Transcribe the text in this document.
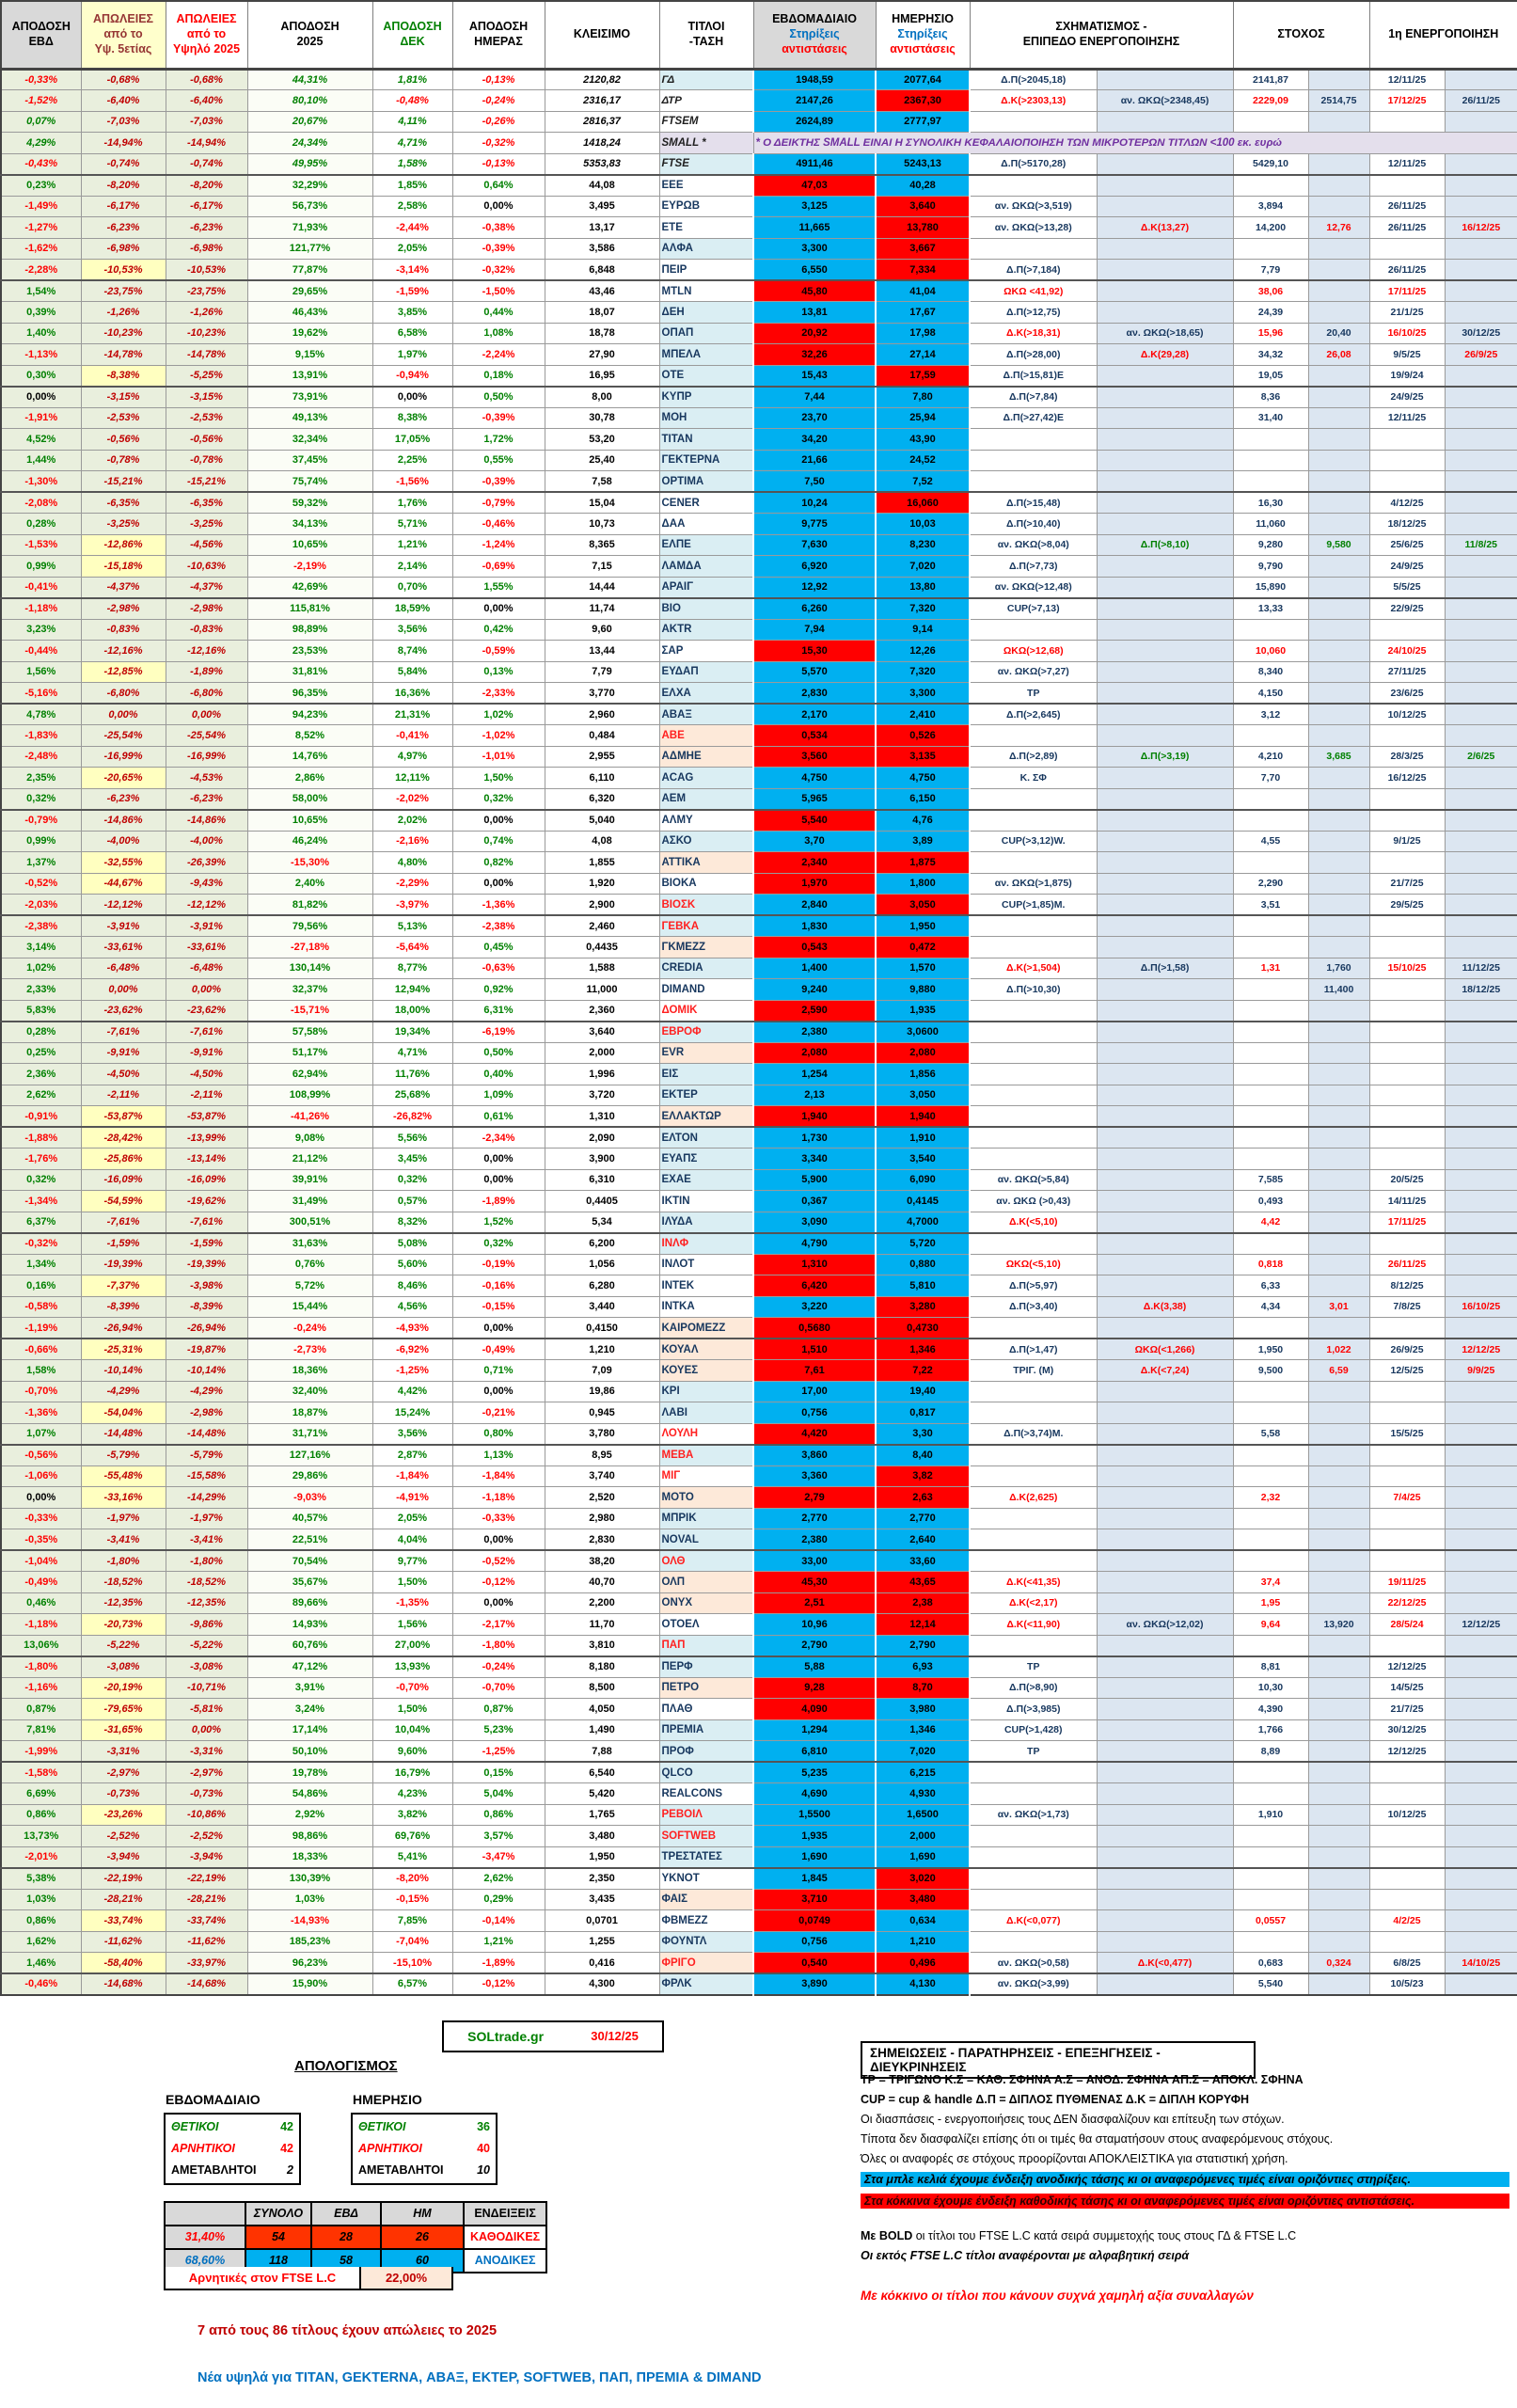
ΑΠΟΔΟΣΗ
ΕΒΔ	ΑΠΩΛΕΙΕΣ
από το
Υψ. 5ετίας	ΑΠΩΛΕΙΕΣ
από το
Υψηλό 2025	ΑΠΟΔΟΣΗ
2025	ΑΠΟΔΟΣΗ
ΔΕΚ	ΑΠΟΔΟΣΗ
ΗΜΕΡΑΣ	ΚΛΕΙΣΙΜΟ	ΤΙΤΛΟΙ
-ΤΑΣΗ	ΕΒΔΟΜΑΔΙΑΙΟ
Στηρίξεις
αντιστάσεις	ΗΜΕΡΗΣΙΟ
Στηρίξεις
αντιστάσεις	ΣΧΗΜΑΤΙΣΜΟΣ -
ΕΠΙΠΕΔΟ ΕΝΕΡΓΟΠΟΙΗΣΗΣ		ΣΤΟΧΟΣ		1η ΕΝΕΡΓΟΠΟΙΗΣΗ	
-0,33%	-0,68%	-0,68%	44,31%	1,81%	-0,13%	2120,82	ΓΔ	1948,59	2077,64	Δ.Π(>2045,18)		2141,87		12/11/25	
-1,52%	-6,40%	-6,40%	80,10%	-0,48%	-0,24%	2316,17	ΔΤΡ	2147,26	2367,30	Δ.Κ(>2303,13)	αν. ΩΚΩ(>2348,45)	2229,09	2514,75	17/12/25	26/11/25
0,07%	-7,03%	-7,03%	20,67%	4,11%	-0,26%	2816,37	FTSEM	2624,89	2777,97						
4,29%	-14,94%	-14,94%	24,34%	4,71%	-0,32%	1418,24	SMALL *	* Ο ΔΕΙΚΤΗΣ SMALL ΕΙΝΑΙ Η ΣΥΝΟΛΙΚΗ ΚΕΦΑΛΑΙΟΠΟΙΗΣΗ ΤΩΝ ΜΙΚΡΟΤΕΡΩΝ ΤΙΤΛΩΝ <100 εκ. ευρώ							
-0,43%	-0,74%	-0,74%	49,95%	1,58%	-0,13%	5353,83	FTSE	4911,46	5243,13	Δ.Π(>5170,28)		5429,10		12/11/25	
0,23%	-8,20%	-8,20%	32,29%	1,85%	0,64%	44,08	ΕΕΕ	47,03	40,28						
-1,49%	-6,17%	-6,17%	56,73%	2,58%	0,00%	3,495	ΕΥΡΩΒ	3,125	3,640	αν. ΩΚΩ(>3,519)		3,894		26/11/25	
-1,27%	-6,23%	-6,23%	71,93%	-2,44%	-0,38%	13,17	ΕΤΕ	11,665	13,780	αν. ΩΚΩ(>13,28)	Δ.Κ(13,27)	14,200	12,76	26/11/25	16/12/25
-1,62%	-6,98%	-6,98%	121,77%	2,05%	-0,39%	3,586	ΑΛΦΑ	3,300	3,667						
-2,28%	-10,53%	-10,53%	77,87%	-3,14%	-0,32%	6,848	ΠΕΙΡ	6,550	7,334	Δ.Π(>7,184)		7,79		26/11/25	
1,54%	-23,75%	-23,75%	29,65%	-1,59%	-1,50%	43,46	MTLN	45,80	41,04	ΩΚΩ <41,92)		38,06		17/11/25	
0,39%	-1,26%	-1,26%	46,43%	3,85%	0,44%	18,07	ΔΕΗ	13,81	17,67	Δ.Π(>12,75)		24,39		21/1/25	
1,40%	-10,23%	-10,23%	19,62%	6,58%	1,08%	18,78	ΟΠΑΠ	20,92	17,98	Δ.Κ(>18,31)	αν. ΩΚΩ(>18,65)	15,96	20,40	16/10/25	30/12/25
-1,13%	-14,78%	-14,78%	9,15%	1,97%	-2,24%	27,90	ΜΠΕΛΑ	32,26	27,14	Δ.Π(>28,00)	Δ.Κ(29,28)	34,32	26,08	9/5/25	26/9/25
0,30%	-8,38%	-5,25%	13,91%	-0,94%	0,18%	16,95	ΟΤΕ	15,43	17,59	Δ.Π(>15,81)Ε		19,05		19/9/24	
0,00%	-3,15%	-3,15%	73,91%	0,00%	0,50%	8,00	ΚΥΠΡ	7,44	7,80	Δ.Π(>7,84)		8,36		24/9/25	
-1,91%	-2,53%	-2,53%	49,13%	8,38%	-0,39%	30,78	ΜΟΗ	23,70	25,94	Δ.Π(>27,42)Ε		31,40		12/11/25	
4,52%	-0,56%	-0,56%	32,34%	17,05%	1,72%	53,20	ΤΙΤΑΝ	34,20	43,90						
1,44%	-0,78%	-0,78%	37,45%	2,25%	0,55%	25,40	ΓΕΚΤΕΡΝΑ	21,66	24,52						
-1,30%	-15,21%	-15,21%	75,74%	-1,56%	-0,39%	7,58	OPTIMA	7,50	7,52						
-2,08%	-6,35%	-6,35%	59,32%	1,76%	-0,79%	15,04	CENER	10,24	16,060	Δ.Π(>15,48)		16,30		4/12/25	
0,28%	-3,25%	-3,25%	34,13%	5,71%	-0,46%	10,73	ΔΑΑ	9,775	10,03	Δ.Π(>10,40)		11,060		18/12/25	
-1,53%	-12,86%	-4,56%	10,65%	1,21%	-1,24%	8,365	ΕΛΠΕ	7,630	8,230	αν. ΩΚΩ(>8,04)	Δ.Π(>8,10)	9,280	9,580	25/6/25	11/8/25
0,99%	-15,18%	-10,63%	-2,19%	2,14%	-0,69%	7,15	ΛΑΜΔΑ	6,920	7,020	Δ.Π(>7,73)		9,790		24/9/25	
-0,41%	-4,37%	-4,37%	42,69%	0,70%	1,55%	14,44	ΑΡΑΙΓ	12,92	13,80	αν. ΩΚΩ(>12,48)		15,890		5/5/25	
-1,18%	-2,98%	-2,98%	115,81%	18,59%	0,00%	11,74	ΒΙΟ	6,260	7,320	CUP(>7,13)		13,33		22/9/25	
3,23%	-0,83%	-0,83%	98,89%	3,56%	0,42%	9,60	AKTR	7,94	9,14						
-0,44%	-12,16%	-12,16%	23,53%	8,74%	-0,59%	13,44	ΣΑΡ	15,30	12,26	ΩΚΩ(>12,68)		10,060		24/10/25	
1,56%	-12,85%	-1,89%	31,81%	5,84%	0,13%	7,79	ΕΥΔΑΠ	5,570	7,320	αν. ΩΚΩ(>7,27)		8,340		27/11/25	
-5,16%	-6,80%	-6,80%	96,35%	16,36%	-2,33%	3,770	ΕΛΧΑ	2,830	3,300	ΤΡ		4,150		23/6/25	
4,78%	0,00%	0,00%	94,23%	21,31%	1,02%	2,960	ΑΒΑΞ	2,170	2,410	Δ.Π(>2,645)		3,12		10/12/25	
-1,83%	-25,54%	-25,54%	8,52%	-0,41%	-1,02%	0,484	ΑΒΕ	0,534	0,526						
-2,48%	-16,99%	-16,99%	14,76%	4,97%	-1,01%	2,955	ΑΔΜΗΕ	3,560	3,135	Δ.Π(>2,89)	Δ.Π(>3,19)	4,210	3,685	28/3/25	2/6/25
2,35%	-20,65%	-4,53%	2,86%	12,11%	1,50%	6,110	ACAG	4,750	4,750	Κ. ΣΦ		7,70		16/12/25	
0,32%	-6,23%	-6,23%	58,00%	-2,02%	0,32%	6,320	ΑΕΜ	5,965	6,150						
-0,79%	-14,86%	-14,86%	10,65%	2,02%	0,00%	5,040	ΑΛΜΥ	5,540	4,76						
0,99%	-4,00%	-4,00%	46,24%	-2,16%	0,74%	4,08	ΑΣΚΟ	3,70	3,89	CUP(>3,12)W.		4,55		9/1/25	
1,37%	-32,55%	-26,39%	-15,30%	4,80%	0,82%	1,855	ΑΤΤΙΚΑ	2,340	1,875						
-0,52%	-44,67%	-9,43%	2,40%	-2,29%	0,00%	1,920	ΒΙΟΚΑ	1,970	1,800	αν. ΩΚΩ(>1,875)		2,290		21/7/25	
-2,03%	-12,12%	-12,12%	81,82%	-3,97%	-1,36%	2,900	ΒΙΟΣΚ	2,840	3,050	CUP(>1,85)Μ.		3,51		29/5/25	
-2,38%	-3,91%	-3,91%	79,56%	5,13%	-2,38%	2,460	ΓΕΒΚΑ	1,830	1,950						
3,14%	-33,61%	-33,61%	-27,18%	-5,64%	0,45%	0,4435	ΓΚΜΕΖΖ	0,543	0,472						
1,02%	-6,48%	-6,48%	130,14%	8,77%	-0,63%	1,588	CREDIA	1,400	1,570	Δ.Κ(>1,504)	Δ.Π(>1,58)	1,31	1,760	15/10/25	11/12/25
2,33%	0,00%	0,00%	32,37%	12,94%	0,92%	11,000	DIMAND	9,240	9,880	Δ.Π(>10,30)			11,400		18/12/25
5,83%	-23,62%	-23,62%	-15,71%	18,00%	6,31%	2,360	ΔΟΜΙΚ	2,590	1,935						
0,28%	-7,61%	-7,61%	57,58%	19,34%	-6,19%	3,640	ΕΒΡΟΦ	2,380	3,0600						
0,25%	-9,91%	-9,91%	51,17%	4,71%	0,50%	2,000	EVR	2,080	2,080						
2,36%	-4,50%	-4,50%	62,94%	11,76%	0,40%	1,996	ΕΙΣ	1,254	1,856						
2,62%	-2,11%	-2,11%	108,99%	25,68%	1,09%	3,720	ΕΚΤΕΡ	2,13	3,050						
-0,91%	-53,87%	-53,87%	-41,26%	-26,82%	0,61%	1,310	ΕΛΛΑΚΤΩΡ	1,940	1,940						
-1,88%	-28,42%	-13,99%	9,08%	5,56%	-2,34%	2,090	ΕΛΤΟΝ	1,730	1,910						
-1,76%	-25,86%	-13,14%	21,12%	3,45%	0,00%	3,900	ΕΥΑΠΣ	3,340	3,540						
0,32%	-16,09%	-16,09%	39,91%	0,32%	0,00%	6,310	ΕΧΑΕ	5,900	6,090	αν. ΩΚΩ(>5,84)		7,585		20/5/25	
-1,34%	-54,59%	-19,62%	31,49%	0,57%	-1,89%	0,4405	ΙΚΤΙΝ	0,367	0,4145	αν. ΩΚΩ (>0,43)		0,493		14/11/25	
6,37%	-7,61%	-7,61%	300,51%	8,32%	1,52%	5,34	ΙΛΥΔΑ	3,090	4,7000	Δ.Κ(<5,10)		4,42		17/11/25	
-0,32%	-1,59%	-1,59%	31,63%	5,08%	0,32%	6,200	ΙΝΛΦ	4,790	5,720						
1,34%	-19,39%	-19,39%	0,76%	5,60%	-0,19%	1,056	ΙΝΛΟΤ	1,310	0,880	ΩΚΩ(<5,10)		0,818		26/11/25	
0,16%	-7,37%	-3,98%	5,72%	8,46%	-0,16%	6,280	ΙΝΤΕΚ	6,420	5,810	Δ.Π(>5,97)		6,33		8/12/25	
-0,58%	-8,39%	-8,39%	15,44%	4,56%	-0,15%	3,440	ΙΝΤΚΑ	3,220	3,280	Δ.Π(>3,40)	Δ.Κ(3,38)	4,34	3,01	7/8/25	16/10/25
-1,19%	-26,94%	-26,94%	-0,24%	-4,93%	0,00%	0,4150	ΚΑΙΡΟΜΕΖΖ	0,5680	0,4730						
-0,66%	-25,31%	-19,87%	-2,73%	-6,92%	-0,49%	1,210	ΚΟΥΑΛ	1,510	1,346	Δ.Π(>1,47)	ΩΚΩ(<1,266)	1,950	1,022	26/9/25	12/12/25
1,58%	-10,14%	-10,14%	18,36%	-1,25%	0,71%	7,09	ΚΟΥΕΣ	7,61	7,22	ΤΡΙΓ. (Μ)	Δ.Κ(<7,24)	9,500	6,59	12/5/25	9/9/25
-0,70%	-4,29%	-4,29%	32,40%	4,42%	0,00%	19,86	ΚΡΙ	17,00	19,40						
-1,36%	-54,04%	-2,98%	18,87%	15,24%	-0,21%	0,945	ΛΑΒΙ	0,756	0,817						
1,07%	-14,48%	-14,48%	31,71%	3,56%	0,80%	3,780	ΛΟΥΛΗ	4,420	3,30	Δ.Π(>3,74)Μ.		5,58		15/5/25	
-0,56%	-5,79%	-5,79%	127,16%	2,87%	1,13%	8,95	ΜΕΒΑ	3,860	8,40						
-1,06%	-55,48%	-15,58%	29,86%	-1,84%	-1,84%	3,740	ΜΙΓ	3,360	3,82						
0,00%	-33,16%	-14,29%	-9,03%	-4,91%	-1,18%	2,520	ΜΟΤΟ	2,79	2,63	Δ.Κ(2,625)		2,32		7/4/25	
-0,33%	-1,97%	-1,97%	40,57%	2,05%	-0,33%	2,980	ΜΠΡΙΚ	2,770	2,770						
-0,35%	-3,41%	-3,41%	22,51%	4,04%	0,00%	2,830	NOVAL	2,380	2,640						
-1,04%	-1,80%	-1,80%	70,54%	9,77%	-0,52%	38,20	ΟΛΘ	33,00	33,60						
-0,49%	-18,52%	-18,52%	35,67%	1,50%	-0,12%	40,70	ΟΛΠ	45,30	43,65	Δ.Κ(<41,35)		37,4		19/11/25	
0,46%	-12,35%	-12,35%	89,66%	-1,35%	0,00%	2,200	ΟΝΥΧ	2,51	2,38	Δ.Κ(<2,17)		1,95		22/12/25	
-1,18%	-20,73%	-9,86%	14,93%	1,56%	-2,17%	11,70	ΟΤΟΕΛ	10,96	12,14	Δ.Κ(<11,90)	αν. ΩΚΩ(>12,02)	9,64	13,920	28/5/24	12/12/25
13,06%	-5,22%	-5,22%	60,76%	27,00%	-1,80%	3,810	ΠΑΠ	2,790	2,790						
-1,80%	-3,08%	-3,08%	47,12%	13,93%	-0,24%	8,180	ΠΕΡΦ	5,88	6,93	ΤΡ		8,81		12/12/25	
-1,16%	-20,19%	-10,71%	3,91%	-0,70%	-0,70%	8,500	ΠΕΤΡΟ	9,28	8,70	Δ.Π(>8,90)		10,30		14/5/25	
0,87%	-79,65%	-5,81%	3,24%	1,50%	0,87%	4,050	ΠΛΑΘ	4,090	3,980	Δ.Π(>3,985)		4,390		21/7/25	
7,81%	-31,65%	0,00%	17,14%	10,04%	5,23%	1,490	ΠΡΕΜΙΑ	1,294	1,346	CUP(>1,428)		1,766		30/12/25	
-1,99%	-3,31%	-3,31%	50,10%	9,60%	-1,25%	7,88	ΠΡΟΦ	6,810	7,020	ΤΡ		8,89		12/12/25	
-1,58%	-2,97%	-2,97%	19,78%	16,79%	0,15%	6,540	QLCO	5,235	6,215						
6,69%	-0,73%	-0,73%	54,86%	4,23%	5,04%	5,420	REALCONS	4,690	4,930						
0,86%	-23,26%	-10,86%	2,92%	3,82%	0,86%	1,765	ΡΕΒΟΙΛ	1,5500	1,6500	αν. ΩΚΩ(>1,73)		1,910		10/12/25	
13,73%	-2,52%	-2,52%	98,86%	69,76%	3,57%	3,480	SOFTWEB	1,935	2,000						
-2,01%	-3,94%	-3,94%	18,33%	5,41%	-3,47%	1,950	ΤΡΕΣΤΑΤΕΣ	1,690	1,690						
5,38%	-22,19%	-22,19%	130,39%	-8,20%	2,62%	2,350	ΥΚΝΟΤ	1,845	3,020						
1,03%	-28,21%	-28,21%	1,03%	-0,15%	0,29%	3,435	ΦΑΙΣ	3,710	3,480						
0,86%	-33,74%	-33,74%	-14,93%	7,85%	-0,14%	0,0701	ΦΒΜΕΖΖ	0,0749	0,634	Δ.Κ(<0,077)		0,0557		4/2/25	
1,62%	-11,62%	-11,62%	185,23%	-7,04%	1,21%	1,255	ΦΟΥΝΤΛ	0,756	1,210						
1,46%	-58,40%	-33,97%	96,23%	-15,10%	-1,89%	0,416	ΦΡΙΓΟ	0,540	0,496	αν. ΩΚΩ(>0,58)	Δ.Κ(<0,477)	0,683	0,324	6/8/25	14/10/25
-0,46%	-14,68%	-14,68%	15,90%	6,57%	-0,12%	4,300	ΦΡΛΚ	3,890	4,130	αν. ΩΚΩ(>3,99)		5,540		10/5/23	
SOLtrade.gr	30/12/25
ΑΠΟΛΟΓΙΣΜΟΣ
ΕΒΔΟΜΑΔΙΑΙΟ
ΘΕΤΙΚΟΙ	42
ΑΡΝΗΤΙΚΟΙ	42
ΑΜΕΤΑΒΛΗΤΟΙ	2
ΗΜΕΡΗΣΙΟ
ΘΕΤΙΚΟΙ	36
ΑΡΝΗΤΙΚΟΙ	40
ΑΜΕΤΑΒΛΗΤΟΙ	10
	ΣΥΝΟΛΟ	ΕΒΔ	ΗΜ	ΕΝΔΕΙΞΕΙΣ
31,40%	54	28	26	ΚΑΘΟΔΙΚΕΣ
68,60%	118	58	60	ΑΝΟΔΙΚΕΣ
Αρνητικές στον FTSE L.C	22,00%
7 από τους 86 τίτλους έχουν απώλειες το 2025
Νέα υψηλά για ΤΙΤΑΝ, GEKTERNA, ΑΒΑΞ, ΕΚΤΕΡ, SOFTWEB, ΠΑΠ, ΠΡΕΜΙΑ & DIMAND
ΣΗΜΕΙΩΣΕΙΣ - ΠΑΡΑΤΗΡΗΣΕΙΣ - ΕΠΕΞΗΓΗΣΕΙΣ - ΔΙΕΥΚΡΙΝΗΣΕΙΣ
ΤΡ = ΤΡΙΓΩΝΟ Κ.Σ = ΚΑΘ. ΣΦΗΝΑ Α.Σ = ΑΝΟΔ. ΣΦΗΝΑ ΑΠ.Σ = ΑΠΟΚΛ. ΣΦΗΝΑ
CUP = cup & handle Δ.Π = ΔΙΠΛΟΣ ΠΥΘΜΕΝΑΣ Δ.Κ = ΔΙΠΛΗ ΚΟΡΥΦΗ
Οι διασπάσεις - ενεργοποιήσεις τους ΔΕΝ διασφαλίζουν και επίτευξη των στόχων.
Τίποτα δεν διασφαλίζει επίσης ότι οι τιμές θα σταματήσουν στους αναφερόμενους στόχους.
Όλες οι αναφορές σε στόχους προορίζονται ΑΠΟΚΛΕΙΣΤΙΚΑ για στατιστική χρήση.
Στα μπλε κελιά έχουμε ένδειξη ανοδικής τάσης κι οι αναφερόμενες τιμές είναι οριζόντιες στηρίξεις.
Στα κόκκινα έχουμε ένδειξη καθοδικής τάσης κι οι αναφερόμενες τιμές είναι οριζόντιες αντιστάσεις.
Με BOLD οι τίτλοι του FTSE L.C κατά σειρά συμμετοχής τους στους ΓΔ & FTSE L.C
Οι εκτός FTSE L.C τίτλοι αναφέρονται με αλφαβητική σειρά
Με κόκκινο οι τίτλοι που κάνουν συχνά χαμηλή αξία συναλλαγών
